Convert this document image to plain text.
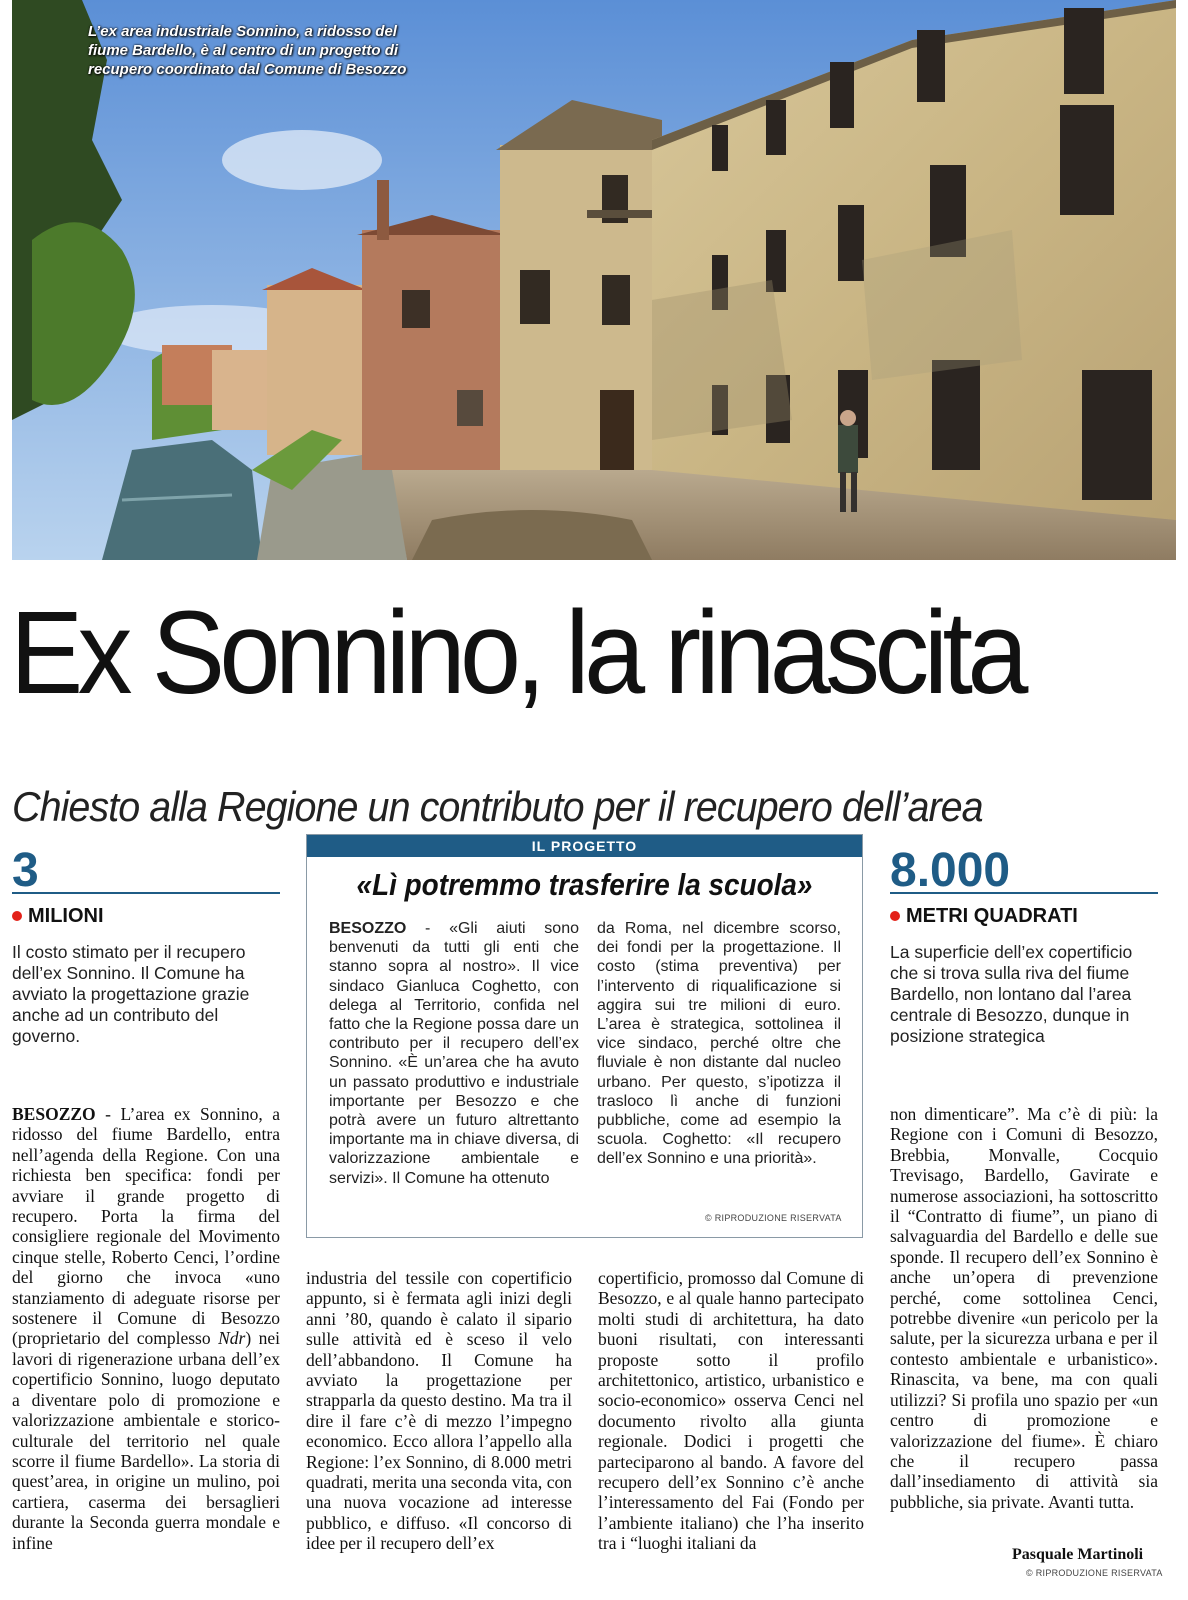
L’ex area industriale Sonnino, a ridosso del fiume Bardello, è al centro di un progetto di recupero coordinato dal Comune di Besozzo
Ex Sonnino, la rinascita
Chiesto alla Regione un contributo per il recupero dell’area
3
MILIONI
Il costo stimato per il recupero dell’ex Sonnino. Il Comune ha avviato la progettazione grazie anche ad un contributo del governo.
8.000
METRI QUADRATI
La superficie dell’ex copertificio che si trova sulla riva del fiume Bardello, non lontano dal l’area centrale di Besozzo, dunque in posizione strategica
IL PROGETTO
«Lì potremmo trasferire la scuola»
BESOZZO - «Gli aiuti sono benvenuti da tutti gli enti che stanno sopra al nostro». Il vice sindaco Gianluca Coghetto, con delega al Territorio, confida nel fatto che la Regione possa dare un contributo per il recupero dell’ex Sonnino. «È un’area che ha avuto un passato produttivo e industriale importante per Besozzo e che potrà avere un futuro altrettanto importante ma in chiave diversa, di valorizzazione ambientale e servizi». Il Comune ha ottenuto
da Roma, nel dicembre scorso, dei fondi per la progettazione. Il costo (stima preventiva) per l’intervento di riqualificazione si aggira sui tre milioni di euro. L’area è strategica, sottolinea il vice sindaco, perché oltre che fluviale è non distante dal nucleo urbano. Per questo, s’ipotizza il trasloco lì anche di funzioni pubbliche, come ad esempio la scuola. Coghetto: «Il recupero dell’ex Sonnino e una priorità».
© RIPRODUZIONE RISERVATA
BESOZZO - L’area ex Sonnino, a ridosso del fiume Bardello, entra nell’agenda della Regione. Con una richiesta ben specifica: fondi per avviare il grande progetto di recupero. Porta la firma del consigliere regionale del Movimento cinque stelle, Roberto Cenci, l’ordine del giorno che invoca «uno stanziamento di adeguate risorse per sostenere il Comune di Besozzo (proprietario del complesso Ndr) nei lavori di rigenerazione urbana dell’ex copertificio Sonnino, luogo deputato a diventare polo di promozione e valorizzazione ambientale e storico-culturale del territorio nel quale scorre il fiume Bardello». La storia di quest’area, in origine un mulino, poi cartiera, caserma dei bersaglieri durante la Seconda guerra mondale e infine
industria del tessile con copertificio appunto, si è fermata agli inizi degli anni ’80, quando è calato il sipario sulle attività ed è sceso il velo dell’abbandono. Il Comune ha avviato la progettazione per strapparla da questo destino. Ma tra il dire il fare c’è di mezzo l’impegno economico. Ecco allora l’appello alla Regione: l’ex Sonnino, di 8.000 metri quadrati, merita una seconda vita, con una nuova vocazione ad interesse pubblico, e diffuso. «Il concorso di idee per il recupero dell’ex
copertificio, promosso dal Comune di Besozzo, e al quale hanno partecipato molti studi di architettura, ha dato buoni risultati, con interessanti proposte sotto il profilo architettonico, artistico, urbanistico e socio-economico» osserva Cenci nel documento rivolto alla giunta regionale. Dodici i progetti che parteciparono al bando. A favore del recupero dell’ex Sonnino c’è anche l’interessamento del Fai (Fondo per l’ambiente italiano) che l’ha inserito tra i “luoghi italiani da
non dimenticare”. Ma c’è di più: la Regione con i Comuni di Besozzo, Brebbia, Monvalle, Cocquio Trevisago, Bardello, Gavirate e numerose associazioni, ha sottoscritto il “Contratto di fiume”, un piano di salvaguardia del Bardello e delle sue sponde. Il recupero dell’ex Sonnino è anche un’opera di prevenzione perché, come sottolinea Cenci, potrebbe divenire «un pericolo per la salute, per la sicurezza urbana e per il contesto ambientale e urbanistico». Rinascita, va bene, ma con quali utilizzi? Si profila uno spazio per «un centro di promozione e valorizzazione del fiume». È chiaro che il recupero passa dall’insediamento di attività sia pubbliche, sia private. Avanti tutta.
Pasquale Martinoli
© RIPRODUZIONE RISERVATA
